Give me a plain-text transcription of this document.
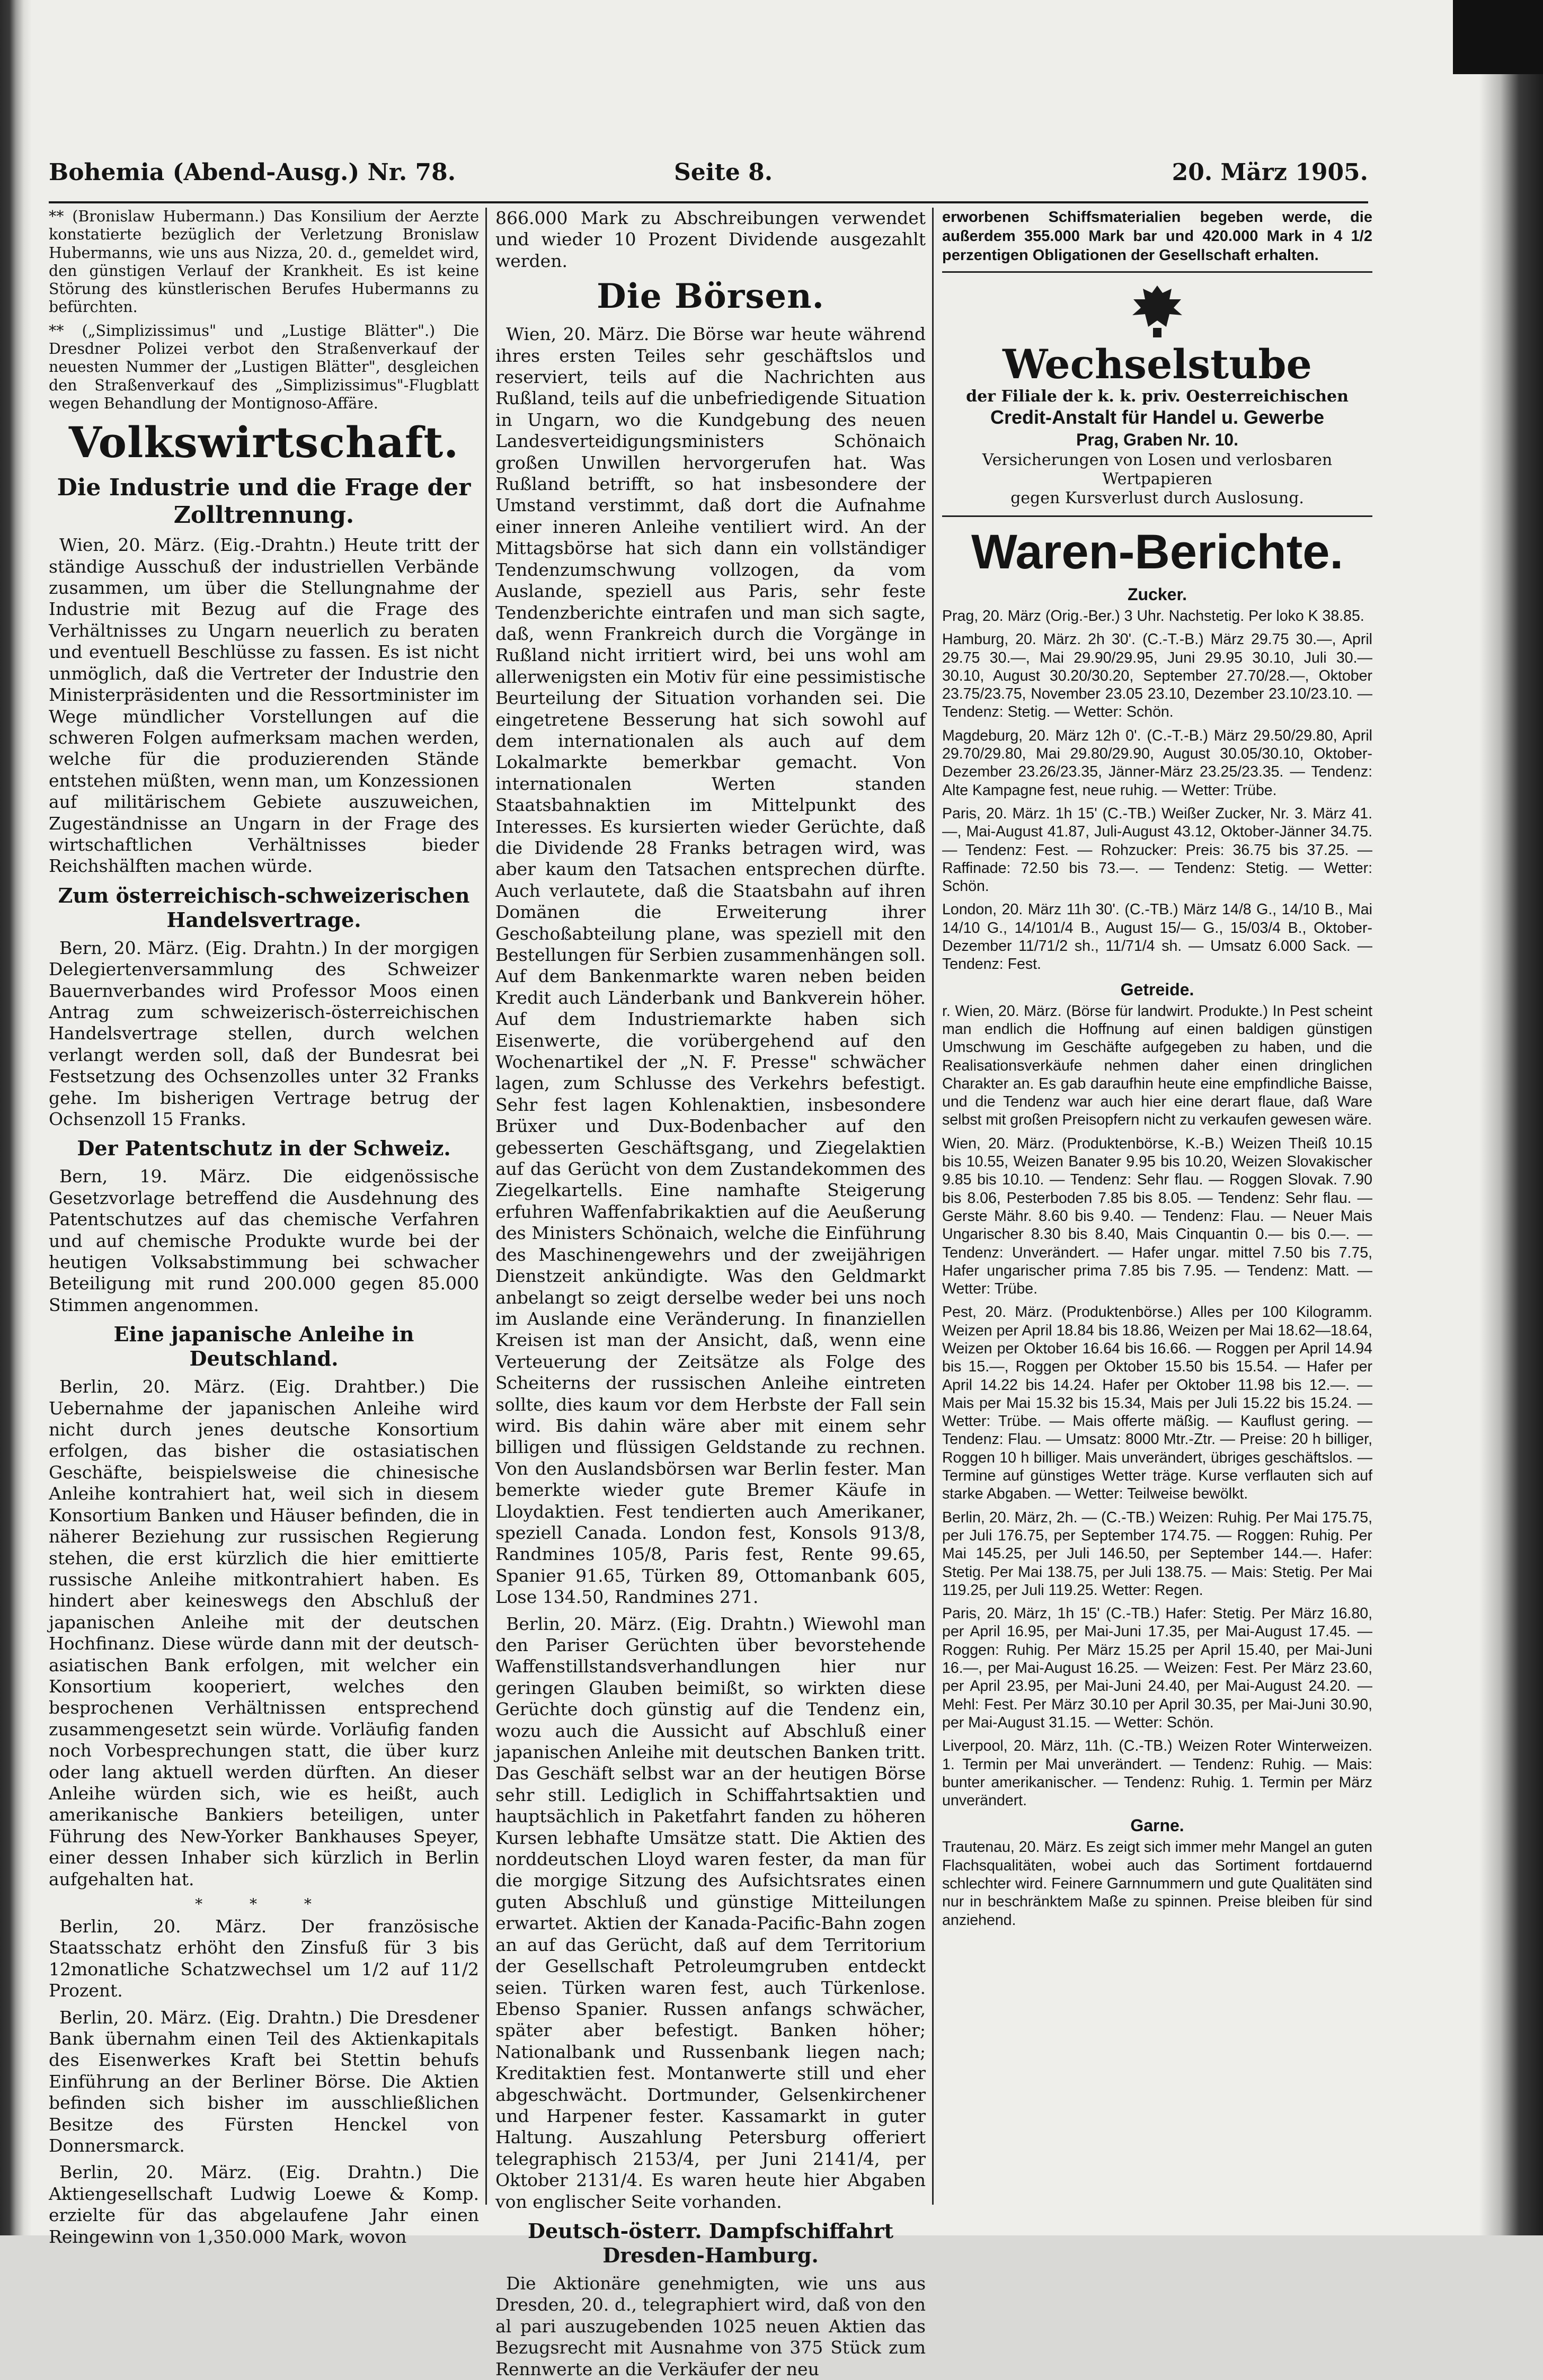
Bohemia (Abend-Ausg.) Nr. 78.	Seite 8.	20. März 1905.

** (Bronislaw Hubermann.) Das Konsilium der Aerzte konstatierte bezüglich der Verletzung Bronislaw Hubermanns, wie uns aus Nizza, 20. d., gemeldet wird, den günstigen Verlauf der Krankheit. Es ist keine Störung des künstlerischen Berufes Hubermanns zu befürchten.

** („Simplizissimus" und „Lustige Blätter".) Die Dresdner Polizei verbot den Straßenverkauf der neuesten Nummer der „Lustigen Blätter", desgleichen den Straßenverkauf des „Simplizissimus"-Flugblatt wegen Behandlung der Montignoso-Affäre.

Volkswirtschaft.
Die Industrie und die Frage der Zolltrennung.

Wien, 20. März. (Eig.-Drahtn.) Heute tritt der ständige Ausschuß der industriellen Verbände zusammen, um über die Stellungnahme der Industrie mit Bezug auf die Frage des Verhältnisses zu Ungarn neuerlich zu beraten und eventuell Beschlüsse zu fassen. Es ist nicht unmöglich, daß die Vertreter der Industrie den Ministerpräsidenten und die Ressortminister im Wege mündlicher Vorstellungen auf die schweren Folgen aufmerksam machen werden, welche für die produzierenden Stände entstehen müßten, wenn man, um Konzessionen auf militärischem Gebiete auszuweichen, Zugeständnisse an Ungarn in der Frage des wirtschaftlichen Verhältnisses bieder Reichshälften machen würde.

Zum österreichisch-schweizerischen Handelsvertrage.

Bern, 20. März. (Eig. Drahtn.) In der morgigen Delegiertenversammlung des Schweizer Bauernverbandes wird Professor Moos einen Antrag zum schweizerisch-österreichischen Handelsvertrage stellen, durch welchen verlangt werden soll, daß der Bundesrat bei Festsetzung des Ochsenzolles unter 32 Franks gehe. Im bisherigen Vertrage betrug der Ochsenzoll 15 Franks.

Der Patentschutz in der Schweiz.

Bern, 19. März. Die eidgenössische Gesetzvorlage betreffend die Ausdehnung des Patentschutzes auf das chemische Verfahren und auf chemische Produkte wurde bei der heutigen Volksabstimmung bei schwacher Beteiligung mit rund 200.000 gegen 85.000 Stimmen angenommen.

Eine japanische Anleihe in Deutschland.

Berlin, 20. März. (Eig. Drahtber.) Die Uebernahme der japanischen Anleihe wird nicht durch jenes deutsche Konsortium erfolgen, das bisher die ostasiatischen Geschäfte, beispielsweise die chinesische Anleihe kontrahiert hat, weil sich in diesem Konsortium Banken und Häuser befinden, die in näherer Beziehung zur russischen Regierung stehen, die erst kürzlich die hier emittierte russische Anleihe mitkontrahiert haben. Es hindert aber keineswegs den Abschluß der japanischen Anleihe mit der deutschen Hochfinanz. Diese würde dann mit der deutsch-asiatischen Bank erfolgen, mit welcher ein Konsortium kooperiert, welches den besprochenen Verhältnissen entsprechend zusammengesetzt sein würde. Vorläufig fanden noch Vorbesprechungen statt, die über kurz oder lang aktuell werden dürften. An dieser Anleihe würden sich, wie es heißt, auch amerikanische Bankiers beteiligen, unter Führung des New-Yorker Bankhauses Speyer, einer dessen Inhaber sich kürzlich in Berlin aufgehalten hat.

* * *

Berlin, 20. März. Der französische Staatsschatz erhöht den Zinsfuß für 3 bis 12monatliche Schatzwechsel um 1/2 auf 11/2 Prozent.

Berlin, 20. März. (Eig. Drahtn.) Die Dresdener Bank übernahm einen Teil des Aktienkapitals des Eisenwerkes Kraft bei Stettin behufs Einführung an der Berliner Börse. Die Aktien befinden sich bisher im ausschließlichen Besitze des Fürsten Henckel von Donnersmarck.

Berlin, 20. März. (Eig. Drahtn.) Die Aktiengesellschaft Ludwig Loewe & Komp. erzielte für das abgelaufene Jahr einen Reingewinn von 1,350.000 Mark, wovon

866.000 Mark zu Abschreibungen verwendet und wieder 10 Prozent Dividende ausgezahlt werden.

Die Börsen.

Wien, 20. März. Die Börse war heute während ihres ersten Teiles sehr geschäftslos und reserviert, teils auf die Nachrichten aus Rußland, teils auf die unbefriedigende Situation in Ungarn, wo die Kundgebung des neuen Landesverteidigungsministers Schönaich großen Unwillen hervorgerufen hat. Was Rußland betrifft, so hat insbesondere der Umstand verstimmt, daß dort die Aufnahme einer inneren Anleihe ventiliert wird. An der Mittagsbörse hat sich dann ein vollständiger Tendenzumschwung vollzogen, da vom Auslande, speziell aus Paris, sehr feste Tendenzberichte eintrafen und man sich sagte, daß, wenn Frankreich durch die Vorgänge in Rußland nicht irritiert wird, bei uns wohl am allerwenigsten ein Motiv für eine pessimistische Beurteilung der Situation vorhanden sei. Die eingetretene Besserung hat sich sowohl auf dem internationalen als auch auf dem Lokalmarkte bemerkbar gemacht. Von internationalen Werten standen Staatsbahnaktien im Mittelpunkt des Interesses. Es kursierten wieder Gerüchte, daß die Dividende 28 Franks betragen wird, was aber kaum den Tatsachen entsprechen dürfte. Auch verlautete, daß die Staatsbahn auf ihren Domänen die Erweiterung ihrer Geschoßabteilung plane, was speziell mit den Bestellungen für Serbien zusammenhängen soll. Auf dem Bankenmarkte waren neben beiden Kredit auch Länderbank und Bankverein höher. Auf dem Industriemarkte haben sich Eisenwerte, die vorübergehend auf den Wochenartikel der „N. F. Presse" schwächer lagen, zum Schlusse des Verkehrs befestigt. Sehr fest lagen Kohlenaktien, insbesondere Brüxer und Dux-Bodenbacher auf den gebesserten Geschäftsgang, und Ziegelaktien auf das Gerücht von dem Zustandekommen des Ziegelkartells. Eine namhafte Steigerung erfuhren Waffenfabrikaktien auf die Aeußerung des Ministers Schönaich, welche die Einführung des Maschinengewehrs und der zweijährigen Dienstzeit ankündigte. Was den Geldmarkt anbelangt so zeigt derselbe weder bei uns noch im Auslande eine Veränderung. In finanziellen Kreisen ist man der Ansicht, daß, wenn eine Verteuerung der Zeitsätze als Folge des Scheiterns der russischen Anleihe eintreten sollte, dies kaum vor dem Herbste der Fall sein wird. Bis dahin wäre aber mit einem sehr billigen und flüssigen Geldstande zu rechnen. Von den Auslandsbörsen war Berlin fester. Man bemerkte wieder gute Bremer Käufe in Lloydaktien. Fest tendierten auch Amerikaner, speziell Canada. London fest, Konsols 913/8, Randmines 105/8, Paris fest, Rente 99.65, Spanier 91.65, Türken 89, Ottomanbank 605, Lose 134.50, Randmines 271.

Berlin, 20. März. (Eig. Drahtn.) Wiewohl man den Pariser Gerüchten über bevorstehende Waffenstillstandsverhandlungen hier nur geringen Glauben beimißt, so wirkten diese Gerüchte doch günstig auf die Tendenz ein, wozu auch die Aussicht auf Abschluß einer japanischen Anleihe mit deutschen Banken tritt. Das Geschäft selbst war an der heutigen Börse sehr still. Lediglich in Schiffahrtsaktien und hauptsächlich in Paketfahrt fanden zu höheren Kursen lebhafte Umsätze statt. Die Aktien des norddeutschen Lloyd waren fester, da man für die morgige Sitzung des Aufsichtsrates einen guten Abschluß und günstige Mitteilungen erwartet. Aktien der Kanada-Pacific-Bahn zogen an auf das Gerücht, daß auf dem Territorium der Gesellschaft Petroleumgruben entdeckt seien. Türken waren fest, auch Türkenlose. Ebenso Spanier. Russen anfangs schwächer, später aber befestigt. Banken höher; Nationalbank und Russenbank liegen nach; Kreditaktien fest. Montanwerte still und eher abgeschwächt. Dortmunder, Gelsenkirchener und Harpener fester. Kassamarkt in guter Haltung. Auszahlung Petersburg offeriert telegraphisch 2153/4, per Juni 2141/4, per Oktober 2131/4. Es waren heute hier Abgaben von englischer Seite vorhanden.

Deutsch-österr. Dampfschiffahrt Dresden-Hamburg.

Die Aktionäre genehmigten, wie uns aus Dresden, 20. d., telegraphiert wird, daß von den al pari auszugebenden 1025 neuen Aktien das Bezugsrecht mit Ausnahme von 375 Stück zum Rennwerte an die Verkäufer der neu

erworbenen Schiffsmaterialien begeben werde, die außerdem 355.000 Mark bar und 420.000 Mark in 4 1/2 perzentigen Obligationen der Gesellschaft erhalten.

Wechselstube
der Filiale der k. k. priv. Oesterreichischen
Credit-Anstalt für Handel u. Gewerbe
Prag, Graben Nr. 10.
Versicherungen von Losen und verlosbaren Wertpapieren
gegen Kursverlust durch Auslosung.
Waren-Berichte.
Zucker.

Prag, 20. März (Orig.-Ber.) 3 Uhr. Nachstetig. Per loko K 38.85.

Hamburg, 20. März. 2h 30'. (C.-T.-B.) März 29.75 30.—, April 29.75 30.—, Mai 29.90/29.95, Juni 29.95 30.10, Juli 30.— 30.10, August 30.20/30.20, September 27.70/28.—, Oktober 23.75/23.75, November 23.05 23.10, Dezember 23.10/23.10. — Tendenz: Stetig. — Wetter: Schön.

Magdeburg, 20. März 12h 0'. (C.-T.-B.) März 29.50/29.80, April 29.70/29.80, Mai 29.80/29.90, August 30.05/30.10, Oktober-Dezember 23.26/23.35, Jänner-März 23.25/23.35. — Tendenz: Alte Kampagne fest, neue ruhig. — Wetter: Trübe.

Paris, 20. März. 1h 15' (C.-TB.) Weißer Zucker, Nr. 3. März 41.—, Mai-August 41.87, Juli-August 43.12, Oktober-Jänner 34.75. — Tendenz: Fest. — Rohzucker: Preis: 36.75 bis 37.25. — Raffinade: 72.50 bis 73.—. — Tendenz: Stetig. — Wetter: Schön.

London, 20. März 11h 30'. (C.-TB.) März 14/8 G., 14/10 B., Mai 14/10 G., 14/101/4 B., August 15/— G., 15/03/4 B., Oktober-Dezember 11/71/2 sh., 11/71/4 sh. — Umsatz 6.000 Sack. — Tendenz: Fest.

Getreide.

r. Wien, 20. März. (Börse für landwirt. Produkte.) In Pest scheint man endlich die Hoffnung auf einen baldigen günstigen Umschwung im Geschäfte aufgegeben zu haben, und die Realisationsverkäufe nehmen daher einen dringlichen Charakter an. Es gab daraufhin heute eine empfindliche Baisse, und die Tendenz war auch hier eine derart flaue, daß Ware selbst mit großen Preisopfern nicht zu verkaufen gewesen wäre.

Wien, 20. März. (Produktenbörse, K.-B.) Weizen Theiß 10.15 bis 10.55, Weizen Banater 9.95 bis 10.20, Weizen Slovakischer 9.85 bis 10.10. — Tendenz: Sehr flau. — Roggen Slovak. 7.90 bis 8.06, Pesterboden 7.85 bis 8.05. — Tendenz: Sehr flau. — Gerste Mähr. 8.60 bis 9.40. — Tendenz: Flau. — Neuer Mais Ungarischer 8.30 bis 8.40, Mais Cinquantin 0.— bis 0.—. — Tendenz: Unverändert. — Hafer ungar. mittel 7.50 bis 7.75, Hafer ungarischer prima 7.85 bis 7.95. — Tendenz: Matt. — Wetter: Trübe.

Pest, 20. März. (Produktenbörse.) Alles per 100 Kilogramm. Weizen per April 18.84 bis 18.86, Weizen per Mai 18.62—18.64, Weizen per Oktober 16.64 bis 16.66. — Roggen per April 14.94 bis 15.—, Roggen per Oktober 15.50 bis 15.54. — Hafer per April 14.22 bis 14.24. Hafer per Oktober 11.98 bis 12.—. — Mais per Mai 15.32 bis 15.34, Mais per Juli 15.22 bis 15.24. — Wetter: Trübe. — Mais offerte mäßig. — Kauflust gering. — Tendenz: Flau. — Umsatz: 8000 Mtr.-Ztr. — Preise: 20 h billiger, Roggen 10 h billiger. Mais unverändert, übriges geschäftslos. — Termine auf günstiges Wetter träge. Kurse verflauten sich auf starke Abgaben. — Wetter: Teilweise bewölkt.

Berlin, 20. März, 2h. — (C.-TB.) Weizen: Ruhig. Per Mai 175.75, per Juli 176.75, per September 174.75. — Roggen: Ruhig. Per Mai 145.25, per Juli 146.50, per September 144.—. Hafer: Stetig. Per Mai 138.75, per Juli 138.75. — Mais: Stetig. Per Mai 119.25, per Juli 119.25. Wetter: Regen.

Paris, 20. März, 1h 15' (C.-TB.) Hafer: Stetig. Per März 16.80, per April 16.95, per Mai-Juni 17.35, per Mai-August 17.45. — Roggen: Ruhig. Per März 15.25 per April 15.40, per Mai-Juni 16.—, per Mai-August 16.25. — Weizen: Fest. Per März 23.60, per April 23.95, per Mai-Juni 24.40, per Mai-August 24.20. — Mehl: Fest. Per März 30.10 per April 30.35, per Mai-Juni 30.90, per Mai-August 31.15. — Wetter: Schön.

Liverpool, 20. März, 11h. (C.-TB.) Weizen Roter Winterweizen. 1. Termin per Mai unverändert. — Tendenz: Ruhig. — Mais: bunter amerikanischer. — Tendenz: Ruhig. 1. Termin per März unverändert.

Garne.

Trautenau, 20. März. Es zeigt sich immer mehr Mangel an guten Flachsqualitäten, wobei auch das Sortiment fortdauernd schlechter wird. Feinere Garnnummern und gute Qualitäten sind nur in beschränktem Maße zu spinnen. Preise bleiben für sind anziehend.
